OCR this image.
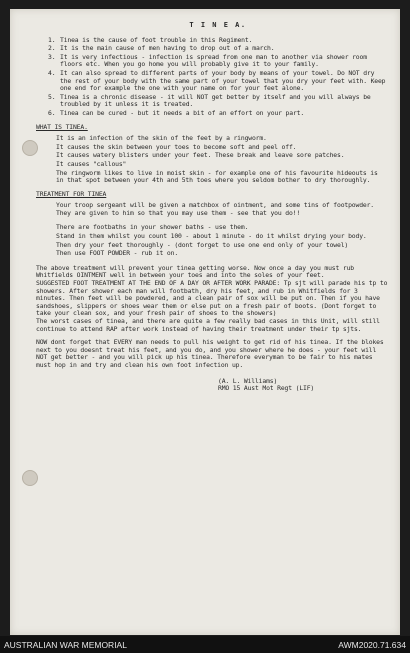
T I N E A.
1. Tinea is the cause of foot trouble in this Regiment.
2. It is the main cause of men having to drop out of a march.
3. It is very infectious - infection is spread from one man to another via shower room floors etc. When you go home you will probably give it to your family.
4. It can also spread to different parts of your body by means of your towel. Do NOT dry the rest of your body with the same part of your towel that you dry your feet with. Keep one end for example the one with your name on for your feet alone.
5. Tinea is a chronic disease - it will NOT get better by itself and you will always be troubled by it unless it is treated.
6. Tinea can be cured - but it needs a bit of an effort on your part.
WHAT IS TINEA.

It is an infection of the skin of the feet by a ringworm.

It causes the skin between your toes to become soft and peel off.

It causes watery blisters under your feet. These break and leave sore patches.

It causes "callous"

The ringworm likes to live in moist skin - for example one of his favourite hideouts is in that spot between your 4th and 5th toes where you seldom bother to dry thoroughly.

TREATMENT FOR TINEA

Your troop sergeant will be given a matchbox of ointment, and some tins of footpowder. They are given to him so that you may use them - see that you do!!

There are footbaths in your shower baths - use them.

Stand in them whilst you count 100 - about 1 minute - do it whilst drying your body.

Then dry your feet thoroughly - (dont forget to use one end only of your towel)

Then use FOOT POWDER - rub it on.

The above treatment will prevent your tinea getting worse. Now once a day you must rub Whitfields OINTMENT well in between your toes and into the soles of your feet.

SUGGESTED FOOT TREATMENT AT THE END OF A DAY OR AFTER WORK PARADE: Tp sjt will parade his tp to showers. After shower each man will footbath, dry his feet, and rub in Whitfields for 3 minutes. Then feet will be powdered, and a clean pair of sox will be put on. Then if you have sandshoes, slippers or shoes wear them or else put on a fresh pair of boots. (Dont forget to take your clean sox, and your fresh pair of shoes to the showers)

The worst cases of tinea, and there are quite a few really bad cases in this Unit, will still continue to attend RAP after work instead of having their treatment under their tp sjts.

NOW dont forget that EVERY man needs to pull his weight to get rid of his tinea. If the blokes next to you doesnt treat his feet, and you do, and you shower where he does - your feet will NOT get better - and you will pick up his tinea. Therefore everyman to be fair to his mates must hop in and try and clean his own foot infection up.

(A. L. Williams)
RMO 15 Aust Mot Regt (LIF)
AUSTRALIAN WAR MEMORIAL	AWM2020.71.634
